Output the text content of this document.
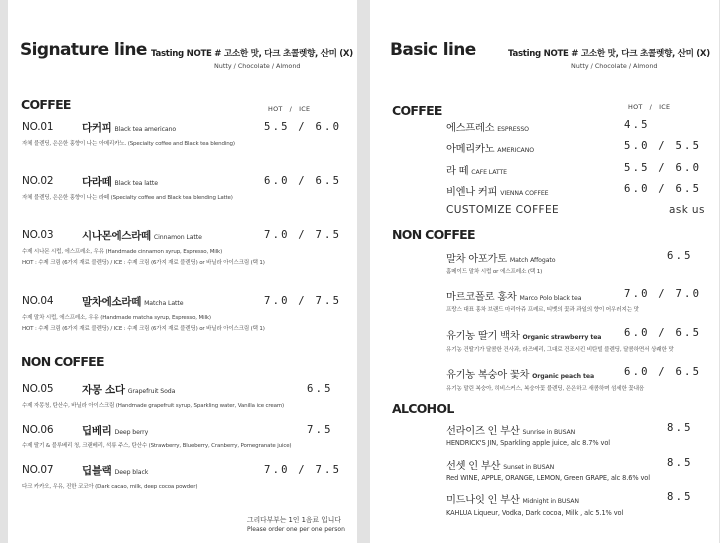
Signature line Tasting NOTE # 고소한 맛, 다크 초콜렛향, 산미 (X)
Nutty / Chocolate / Almond
COFFEE	HOT   /   ICE
NO.01	다커피 Black tea americano	5.5 / 6.0
자체 블렌딩, 은은한 홍향이 나는 아메리카노. (Specialty coffee and Black tea blending)
NO.02	다라떼 Black tea latte	6.0 / 6.5
자체 블렌딩, 은은한 홍향이 나는 라떼 (Specialty coffee and Black tea blending Latte)
NO.03	시나몬에스라떼 Cinnamon Latte	7.0 / 7.5
수제 시나몬 시럽, 에스프레소, 우유 (Handmade cinnamon syrup, Espresso, Milk)
HOT : 수제 크림 (6가지 재료 블렌딩) / ICE : 수제 크림 (6가지 재료 블렌딩) or 바닐라 아이스크림 (택 1)
NO.04	말차에소라떼 Matcha Latte	7.0 / 7.5
수제 말차 시럽, 에스프레소, 우유 (Handmade matcha syrup, Espresso, Milk)
HOT : 수제 크림 (6가지 재료 블렌딩) / ICE : 수제 크림 (6가지 재료 블렌딩) or 바닐라 아이스크림 (택 1)
NON COFFEE
NO.05	자몽 소다 Grapefruit Soda	6.5
수제 자몽청, 탄산수, 바닐라 아이스크림 (Handmade grapefruit syrup, Sparkling water, Vanilla ice cream)
NO.06	딥베리 Deep berry	7.5
수제 딸기 & 블루베리 청, 크랜베리, 석류 주스, 탄산수 (Strawberry, Blueberry, Cranberry, Pomegranate juice)
NO.07	딥블랙 Deep black	7.0 / 7.5
다크 카카오, 우유, 진한 코코아 (Dark cacao, milk, deep cocoa powder)
그리다부부는 1인 1음료 입니다
Please order one per one person
Basic line	Tasting NOTE # 고소한 맛, 다크 초콜렛향, 산미 (X)
Nutty / Chocolate / Almond
COFFEE	HOT   /   ICE
에스프레소 ESPRESSO	4.5
아메리카노 AMERICANO	5.0 / 5.5
라 떼 CAFE LATTE	5.5 / 6.0
비엔나 커피 VIENNA COFFEE	6.0 / 6.5
CUSTOMIZE COFFEE	ask us
NON COFFEE
말차 아포가토 Match Affogato	6.5
홈메이드 말차 시럽 or 에스프레소 (택 1)
마르코폴로 홍차 Marco Polo black tea	7.0 / 7.0
프랑스 대표 홍차 브랜드 마리아쥬 프레르, 티벳의 꽃과 과일의 향이 어우러지는 맛
유기농 딸기 백차 Organic strawberry tea 6.0 / 6.5
유기농 건딸기가 달콤한 건사과, 라즈베리, 그대로 건조시킨 비탄빌 블렌딩, 달콤하면서 상쾌한 맛
유기농 복숭아 꽃차 Organic peach tea	6.0 / 6.5
유기농 말린 복숭아, 히비스커스, 복숭아꽃 블렌딩, 은은하고 새콤하며 섬세한 꽃내음
ALCOHOL
선라이즈 인 부산 Sunrise in BUSAN	8.5
HENDRICK'S JIN, Sparkling apple juice, alc 8.7% vol
선셋 인 부산 Sunset in BUSAN	8.5
Red WINE, APPLE, ORANGE, LEMON, Green GRAPE, alc 8.6% vol
미드나잇 인 부산 Midnight in BUSAN	8.5
KAHLUA Liqueur, Vodka, Dark cocoa, Milk , alc 5.1% vol
